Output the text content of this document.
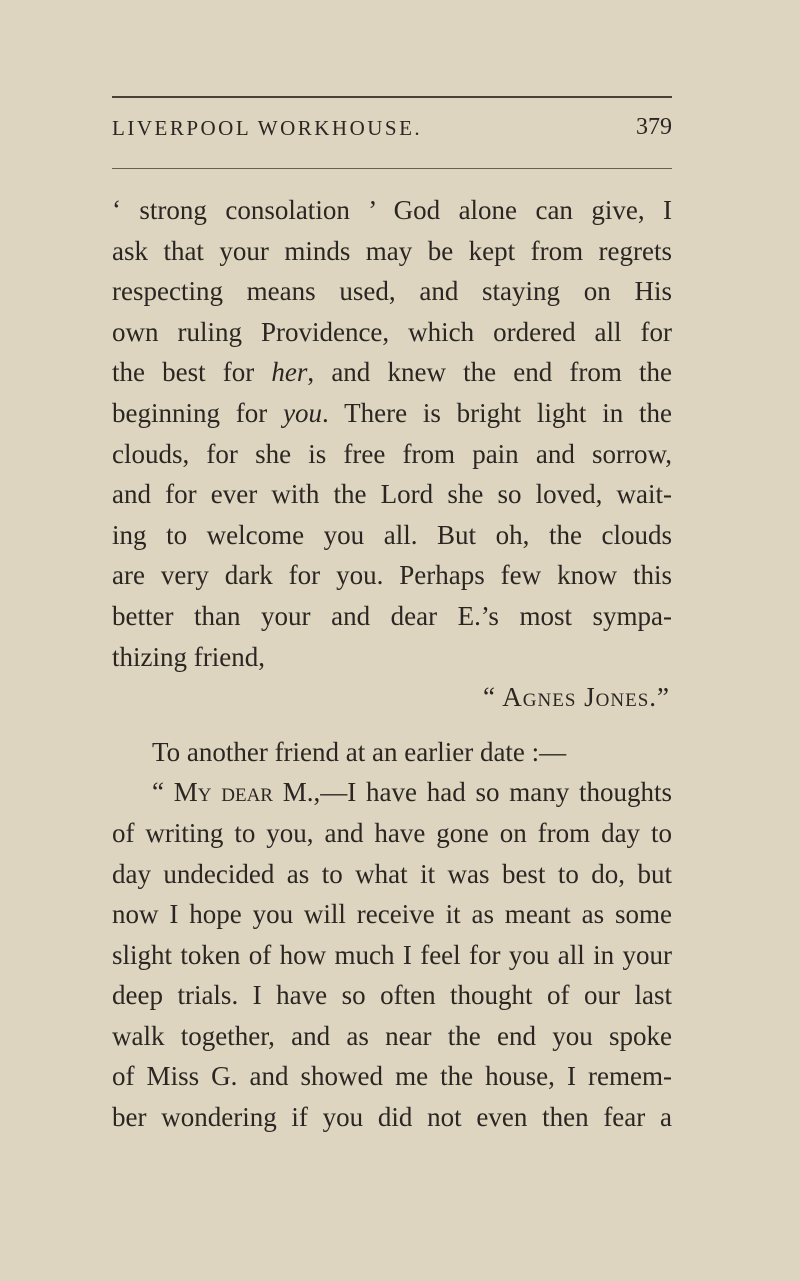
LIVERPOOL WORKHOUSE.	379
‘ strong consolation ’ God alone can give, I
ask that your minds may be kept from regrets
respecting means used, and staying on His
own ruling Providence, which ordered all for
the best for her, and knew the end from the
beginning for you. There is bright light in the
clouds, for she is free from pain and sorrow,
and for ever with the Lord she so loved, wait-
ing to welcome you all. But oh, the clouds
are very dark for you. Perhaps few know this
better than your and dear E.’s most sympa-
thizing friend,
“ Agnes Jones.”
To another friend at an earlier date :—
“ My dear M.,—I have had so many thoughts
of writing to you, and have gone on from day to
day undecided as to what it was best to do, but
now I hope you will receive it as meant as some
slight token of how much I feel for you all in your
deep trials. I have so often thought of our last
walk together, and as near the end you spoke
of Miss G. and showed me the house, I remem-
ber wondering if you did not even then fear a
